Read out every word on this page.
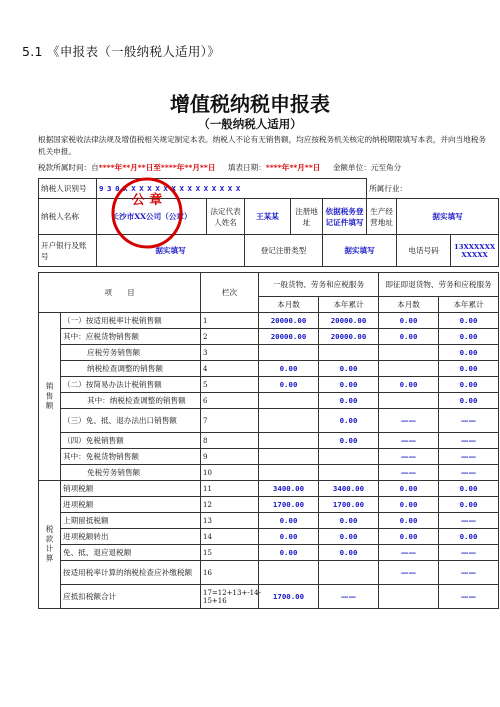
5.1 《申报表（一般纳税人适用）》
增值税纳税申报表
（一般纳税人适用）
根据国家税收法律法规及增值税相关规定制定本表。纳税人不论有无销售额，均应按税务机关核定的纳税期限填写本表，并向当地税务机关申报。
税款所属时间：自****年**月**日至****年**月**日 填表日期：****年**月**日 金额单位：元至角分
纳税人识别号	930XXXXXXXXXXXXXXX					所属行业：		
纳税人名称	长沙市XX公司（公章）	法定代表人姓名	王某某	注册地址	依据税务登记证件填写	生产经营地址	据实填写	
开户银行及账号	据实填写		登记注册类型		据实填写		电话号码	13XXXXXXXXXXX
公 章
项　　目		栏次	一般货物、劳务和应税服务		即征即退货物、劳务和应税服务	
			本月数	本年累计	本月数	本年累计
销售额	（一）按适用税率计税销售额	1	20000.00	20000.00	0.00	0.00
	其中：应税货物销售额	2	20000.00	20000.00	0.00	0.00
	应税劳务销售额	3				0.00
	纳税检查调整的销售额	4	0.00	0.00		0.00
	（二）按简易办法计税销售额	5	0.00	0.00	0.00	0.00
	其中：纳税检查调整的销售额	6		0.00		0.00
	（三）免、抵、退办法出口销售额	7		0.00	——	——
	（四）免税销售额	8		0.00	——	——
	其中：免税货物销售额	9			——	——
	免税劳务销售额	10			——	——
税款计算	销项税额	11	3400.00	3400.00	0.00	0.00
	进项税额	12	1700.00	1700.00	0.00	0.00
	上期留抵税额	13	0.00	0.00	0.00	——
	进项税额转出	14	0.00	0.00	0.00	0.00
	免、抵、退应退税额	15	0.00	0.00	——	——
	按适用税率计算的纳税检查应补缴税额	16			——	——
	应抵扣税额合计	17=12+13+-14-15+16	1700.00	——		——
